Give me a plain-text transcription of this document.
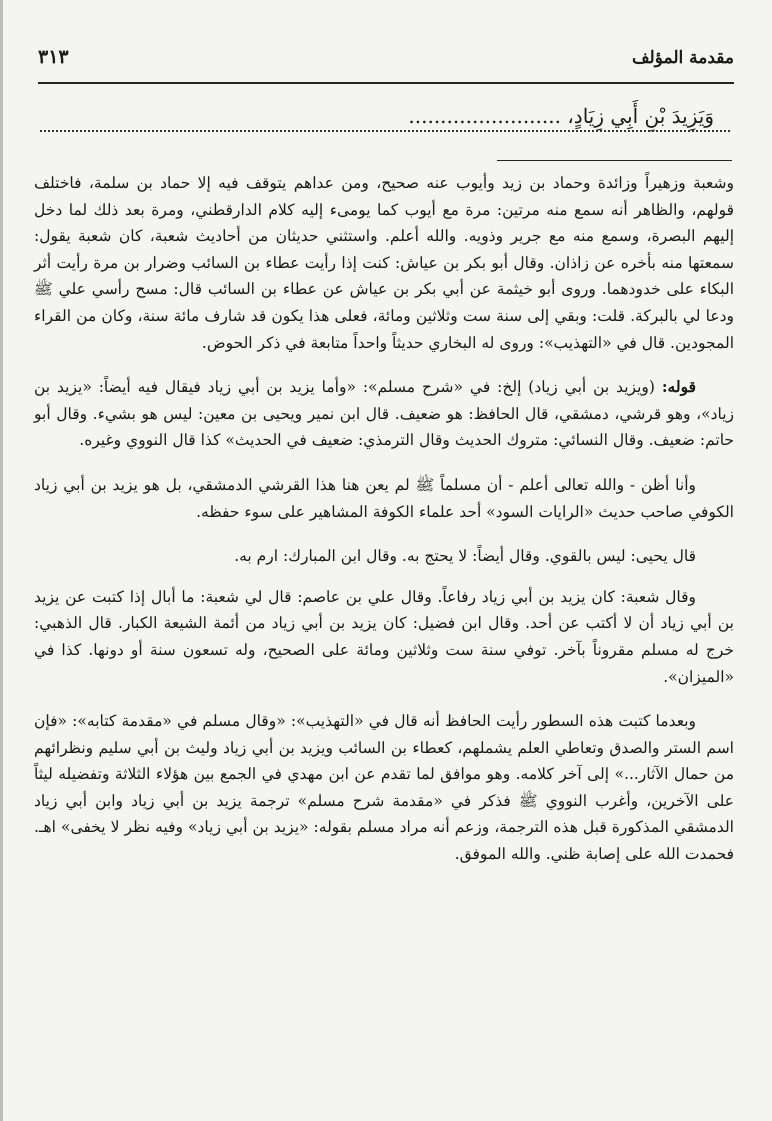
مقدمة المؤلف
٣١٣
وَيَزِيدَ بْنِ أَبِي زِيَادٍ، ........................

وشعبة وزهيراً وزائدة وحماد بن زيد وأيوب عنه صحيح، ومن عداهم يتوقف فيه إلا حماد بن سلمة، فاختلف قولهم، والظاهر أنه سمع منه مرتين: مرة مع أيوب كما يومىء إليه كلام الدارقطني، ومرة بعد ذلك لما دخل إليهم البصرة، وسمع منه مع جرير وذويه. والله أعلم. واستثني حديثان من أحاديث شعبة، كان شعبة يقول: سمعتها منه بأخره عن زاذان. وقال أبو بكر بن عياش: كنت إذا رأيت عطاء بن السائب وضرار بن مرة رأيت أثر البكاء على خدودهما. وروى أبو خيثمة عن أبي بكر بن عياش عن عطاء بن السائب قال: مسح رأسي علي ﷺ ودعا لي بالبركة. قلت: وبقي إلى سنة ست وثلاثين ومائة، فعلى هذا يكون قد شارف مائة سنة، وكان من القراء المجودين. قال في «التهذيب»: وروى له البخاري حديثاً واحداً متابعة في ذكر الحوض.

قوله: (ويزيد بن أبي زياد) إلخ: في «شرح مسلم»: «وأما يزيد بن أبي زياد فيقال فيه أيضاً: «يزيد بن زياد»، وهو قرشي، دمشقي، قال الحافظ: هو ضعيف. قال ابن نمير ويحيى بن معين: ليس هو بشيء. وقال أبو حاتم: ضعيف. وقال النسائي: متروك الحديث وقال الترمذي: ضعيف في الحديث» كذا قال النووي وغيره.

وأنا أظن - والله تعالى أعلم - أن مسلماً ﷺ لم يعن هنا هذا القرشي الدمشقي، بل هو يزيد بن أبي زياد الكوفي صاحب حديث «الرايات السود» أحد علماء الكوفة المشاهير على سوء حفظه.

قال يحيى: ليس بالقوي. وقال أيضاً: لا يحتج به. وقال ابن المبارك: ارم به.

وقال شعبة: كان يزيد بن أبي زياد رفاعاً. وقال علي بن عاصم: قال لي شعبة: ما أبال إذا كتبت عن يزيد بن أبي زياد أن لا أكتب عن أحد. وقال ابن فضيل: كان يزيد بن أبي زياد من أئمة الشيعة الكبار. قال الذهبي: خرج له مسلم مقروناً بآخر. توفي سنة ست وثلاثين ومائة على الصحيح، وله تسعون سنة أو دونها. كذا في «الميزان».

وبعدما كتبت هذه السطور رأيت الحافظ أنه قال في «التهذيب»: «وقال مسلم في «مقدمة كتابه»: «فإن اسم الستر والصدق وتعاطي العلم يشملهم، كعطاء بن السائب ويزيد بن أبي زياد وليث بن أبي سليم ونظرائهم من حمال الآثار...» إلى آخر كلامه. وهو موافق لما تقدم عن ابن مهدي في الجمع بين هؤلاء الثلاثة وتفضيله ليثاً على الآخرين، وأغرب النووي ﷺ فذكر في «مقدمة شرح مسلم» ترجمة يزيد بن أبي زياد وابن أبي زياد الدمشقي المذكورة قبل هذه الترجمة، وزعم أنه مراد مسلم بقوله: «يزيد بن أبي زياد» وفيه نظر لا يخفى» اهـ. فحمدت الله على إصابة ظني. والله الموفق.
